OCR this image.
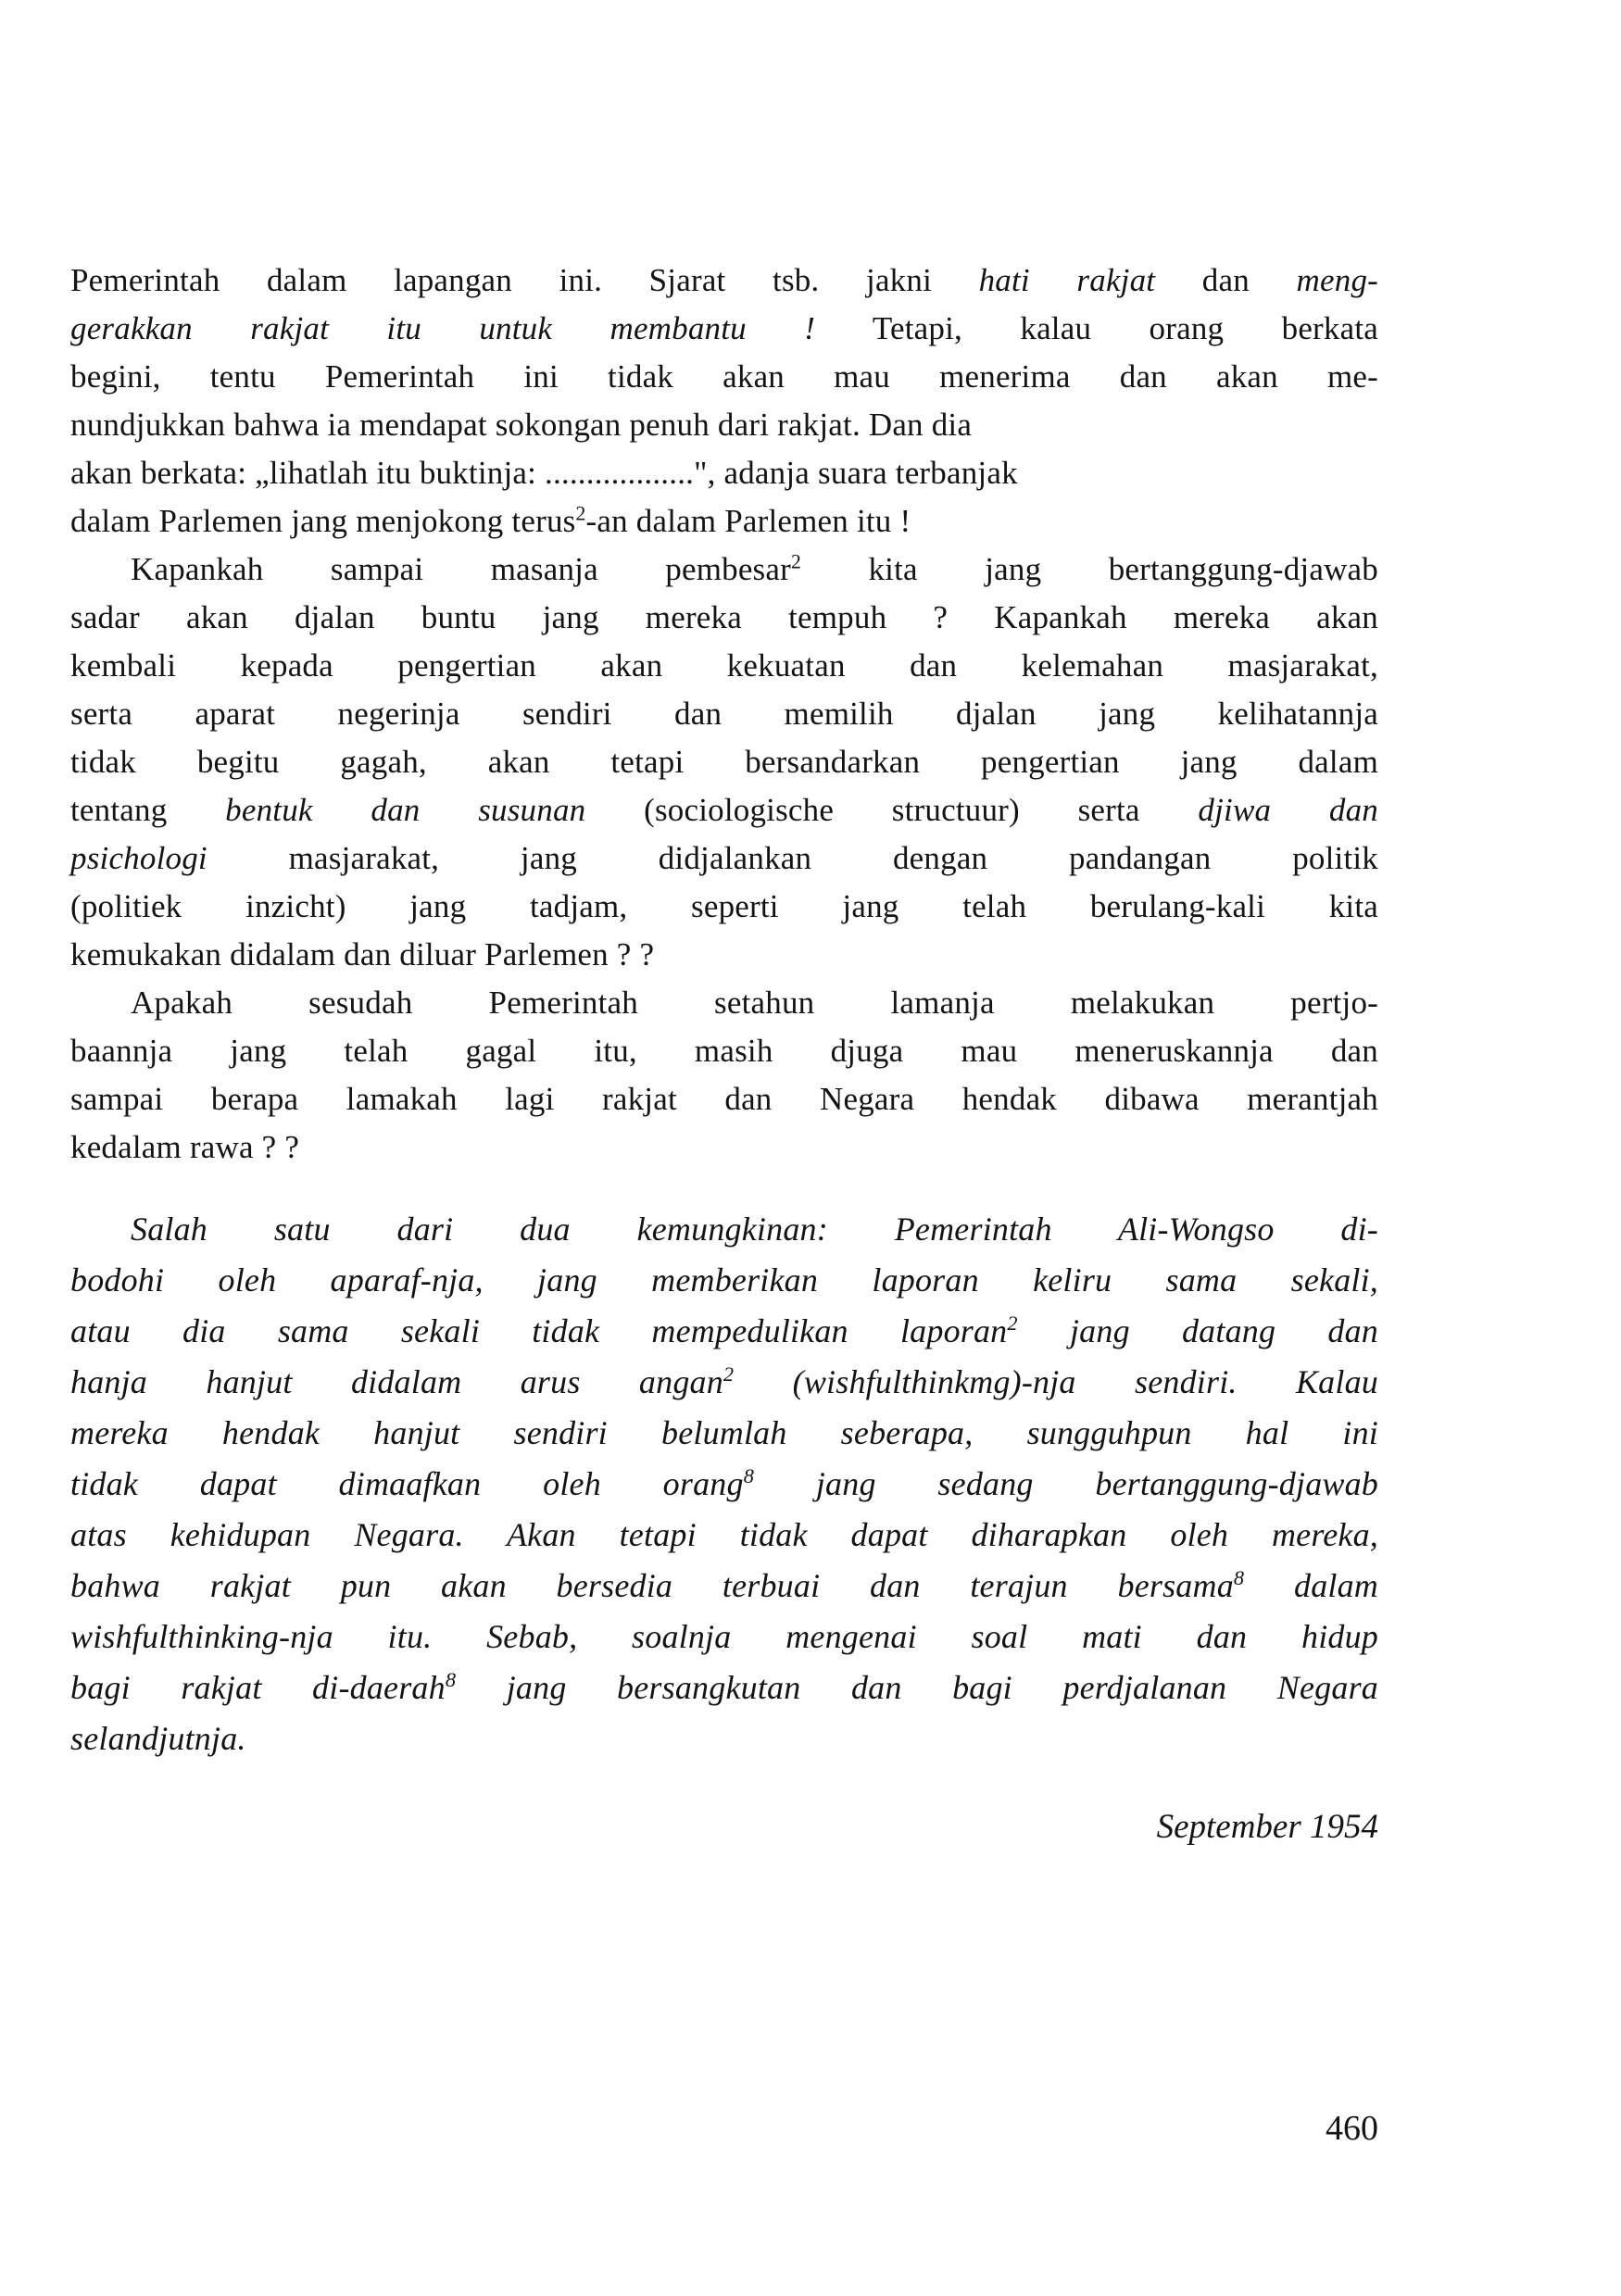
Pemerintah dalam lapangan ini. Sjarat tsb. jakni hati rakjat dan meng-
gerakkan rakjat itu untuk membantu ! Tetapi, kalau orang berkata
begini, tentu Pemerintah ini tidak akan mau menerima dan akan me-
nundjukkan bahwa ia mendapat sokongan penuh dari rakjat. Dan dia
akan berkata: „lihatlah itu buktinja: ..................", adanja suara terbanjak
dalam Parlemen jang menjokong terus$^2$-an dalam Parlemen itu !
Kapankah sampai masanja pembesar$^2$ kita jang bertanggung-djawab
sadar akan djalan buntu jang mereka tempuh ? Kapankah mereka akan
kembali kepada pengertian akan kekuatan dan kelemahan masjarakat,
serta aparat negerinja sendiri dan memilih djalan jang kelihatannja
tidak begitu gagah, akan tetapi bersandarkan pengertian jang dalam
tentang bentuk dan susunan (sociologische structuur) serta djiwa dan
psichologi masjarakat, jang didjalankan dengan pandangan politik
(politiek inzicht) jang tadjam, seperti jang telah berulang-kali kita
kemukakan didalam dan diluar Parlemen ? ?
Apakah sesudah Pemerintah setahun lamanja melakukan pertjo-
baannja jang telah gagal itu, masih djuga mau meneruskannja dan
sampai berapa lamakah lagi rakjat dan Negara hendak dibawa merantjah
kedalam rawa ? ?
Salah satu dari dua kemungkinan: Pemerintah Ali-Wongso di-
bodohi oleh aparaf-nja, jang memberikan laporan keliru sama sekali,
atau dia sama sekali tidak mempedulikan laporan$^2$ jang datang dan
hanja hanjut didalam arus angan$^2$ (wishfulthinkmg)-nja sendiri. Kalau
mereka hendak hanjut sendiri belumlah seberapa, sungguhpun hal ini
tidak dapat dimaafkan oleh orang$^8$ jang sedang bertanggung-djawab
atas kehidupan Negara. Akan tetapi tidak dapat diharapkan oleh mereka,
bahwa rakjat pun akan bersedia terbuai dan terajun bersama$^8$ dalam
wishfulthinking-nja itu. Sebab, soalnja mengenai soal mati dan hidup
bagi rakjat di-daerah$^8$ jang bersangkutan dan bagi perdjalanan Negara
selandjutnja.
September 1954
460
